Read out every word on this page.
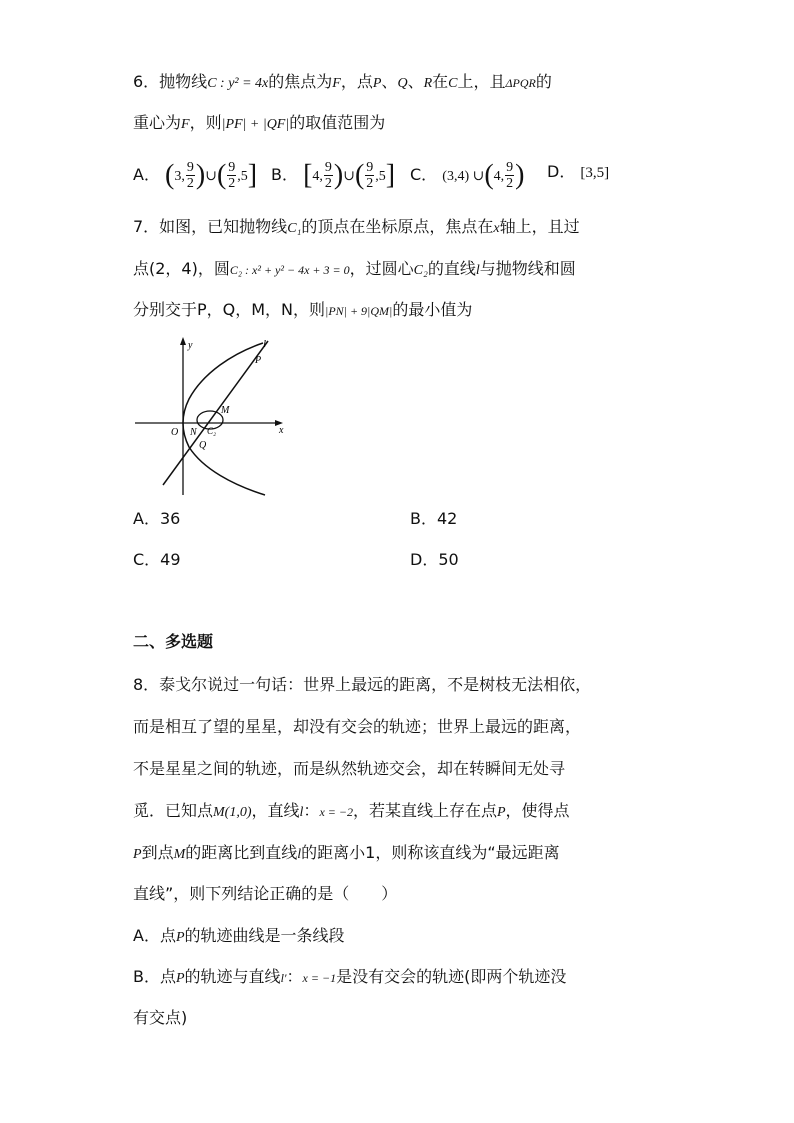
6．抛物线C : y² = 4x的焦点为F，点P、Q、R在C上，且ΔPQR的
重心为F，则|PF| + |QF|的取值范围为
A． (3, $\frac{9}{2}$ )∪( $\frac{9}{2} ,5$] B． [4, $\frac{9}{2}$ )∪( $\frac{9}{2} ,5$] C． (3,4) ∪(4, $\frac{9}{2}$ ) D． [3,5]
7．如图，已知抛物线C₁的顶点在坐标原点，焦点在x轴上，且过
点(2，4)，圆C₂ : x² + y² − 4x + 3 = 0，过圆心C₂的直线l与抛物线和圆
分别交于P，Q，M，N，则|PN| + 9|QM|的最小值为
y
x
O
l
P
M
N C₂
Q
A．36	B．42
C．49	D．50
二、多选题
8．泰戈尔说过一句话：世界上最远的距离，不是树枝无法相依，
而是相互了望的星星，却没有交会的轨迹；世界上最远的距离，
不是星星之间的轨迹，而是纵然轨迹交会，却在转瞬间无处寻
觅．已知点M(1,0)，直线l：x = −2，若某直线上存在点P，使得点
P到点M的距离比到直线l的距离小1，则称该直线为“最远距离
直线”，则下列结论正确的是（　　）
A．点P的轨迹曲线是一条线段
B．点P的轨迹与直线l′：x = −1是没有交会的轨迹(即两个轨迹没
有交点)
